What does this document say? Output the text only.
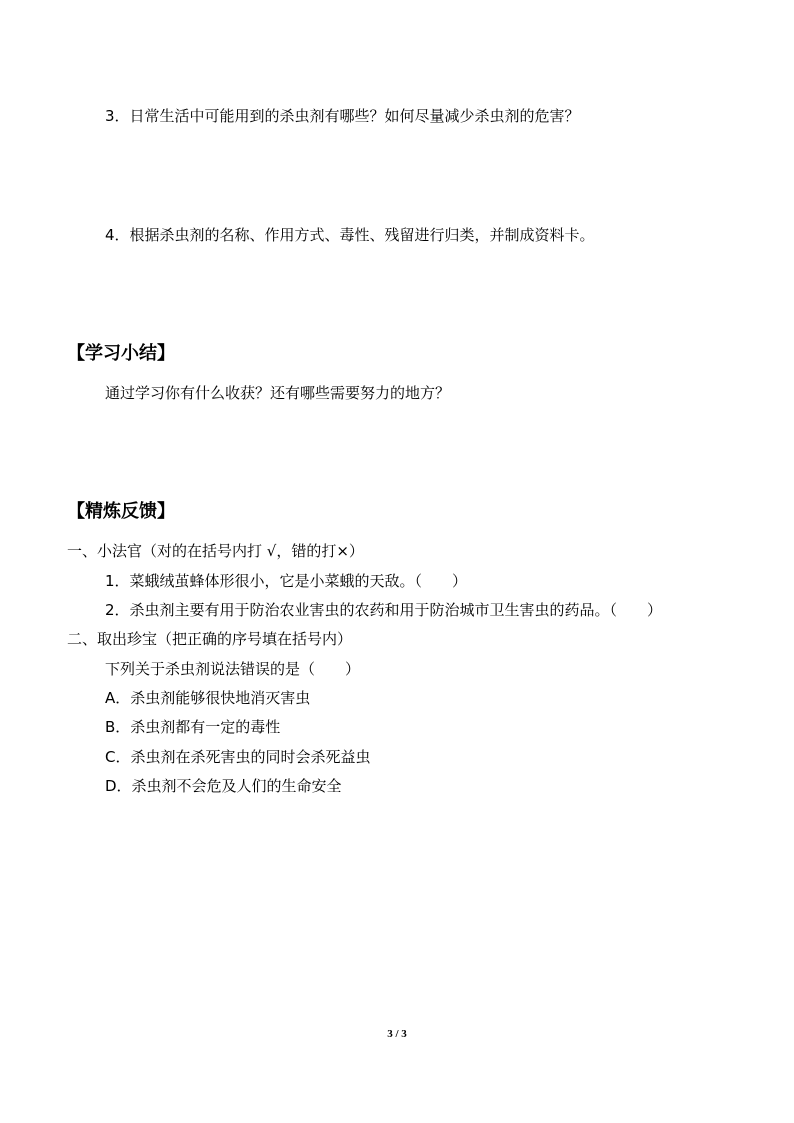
3．日常生活中可能用到的杀虫剂有哪些？如何尽量减少杀虫剂的危害？
4．根据杀虫剂的名称、作用方式、毒性、残留进行归类，并制成资料卡。
【学习小结】
通过学习你有什么收获？还有哪些需要努力的地方？
【精炼反馈】
一、小法官（对的在括号内打 √，错的打×）
1．菜蛾绒茧蜂体形很小，它是小菜蛾的天敌。（　　）
2．杀虫剂主要有用于防治农业害虫的农药和用于防治城市卫生害虫的药品。（　　）
二、取出珍宝（把正确的序号填在括号内）
下列关于杀虫剂说法错误的是（　　）
A．杀虫剂能够很快地消灭害虫
B．杀虫剂都有一定的毒性
C．杀虫剂在杀死害虫的同时会杀死益虫
D．杀虫剂不会危及人们的生命安全
3 / 3
